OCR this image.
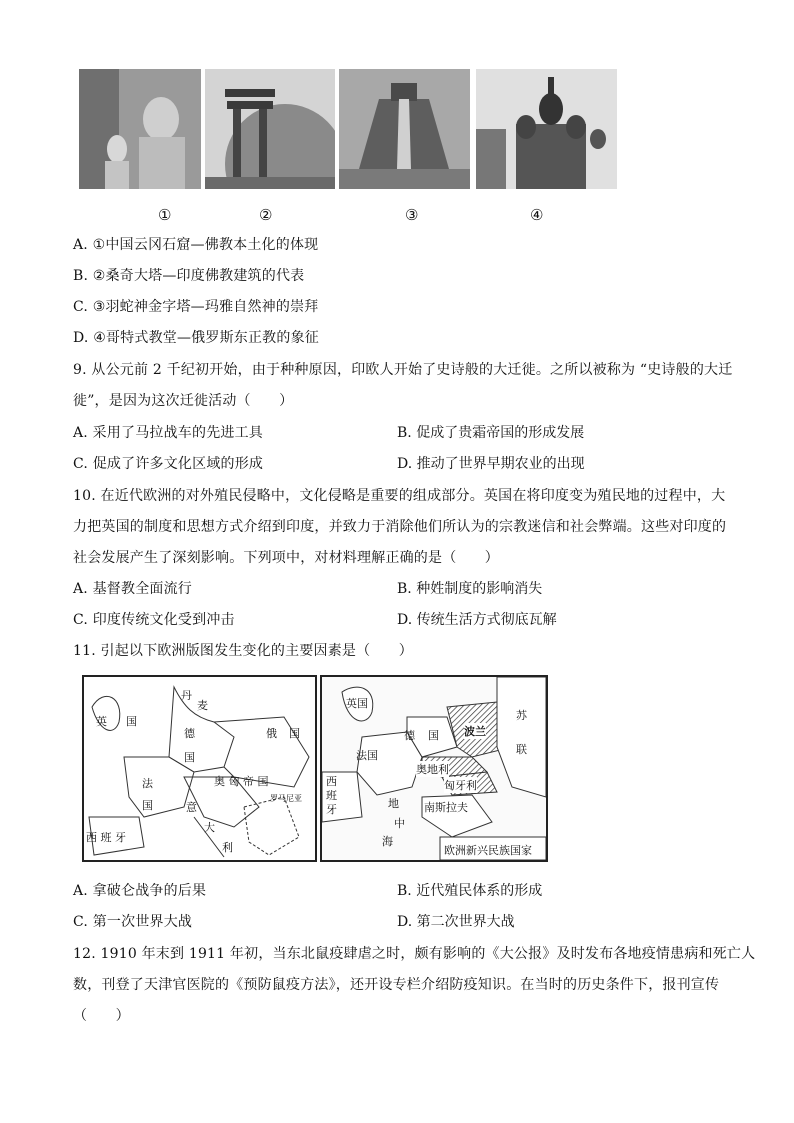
①	②	③	④
A. ①中国云冈石窟—佛教本土化的体现
B. ②桑奇大塔—印度佛教建筑的代表
C. ③羽蛇神金字塔—玛雅自然神的崇拜
D. ④哥特式教堂—俄罗斯东正教的象征
9. 从公元前 2 千纪初开始，由于种种原因，印欧人开始了史诗般的大迁徙。之所以被称为 “史诗般的大迁
徙”，是因为这次迁徙活动（　　）
A. 采用了马拉战车的先进工具	B. 促成了贵霜帝国的形成发展
C. 促成了许多文化区域的形成	D. 推动了世界早期农业的出现
10. 在近代欧洲的对外殖民侵略中，文化侵略是重要的组成部分。英国在将印度变为殖民地的过程中，大
力把英国的制度和思想方式介绍到印度，并致力于消除他们所认为的宗教迷信和社会弊端。这些对印度的
社会发展产生了深刻影响。下列项中，对材料理解正确的是（　　）
A. 基督教全面流行	B. 种姓制度的影响消失
C. 印度传统文化受到冲击	D. 传统生活方式彻底瓦解
11. 引起以下欧洲版图发生变化的主要因素是（　　）
英 国
丹
麦
德
国
俄 国
法
国
奥 匈 帝 国
意
大
利
西 班 牙
罗马尼亚
英国
德 国 波兰
苏
联
法国
奥地利
匈牙利
西
班
牙	地
中
海
南斯拉夫
欧洲新兴民族国家
A. 拿破仑战争的后果	B. 近代殖民体系的形成
C. 第一次世界大战	D. 第二次世界大战
12. 1910 年末到 1911 年初，当东北鼠疫肆虐之时，颇有影响的《大公报》及时发布各地疫情患病和死亡人
数，刊登了天津官医院的《预防鼠疫方法》，还开设专栏介绍防疫知识。在当时的历史条件下，报刊宣传
（　　）
